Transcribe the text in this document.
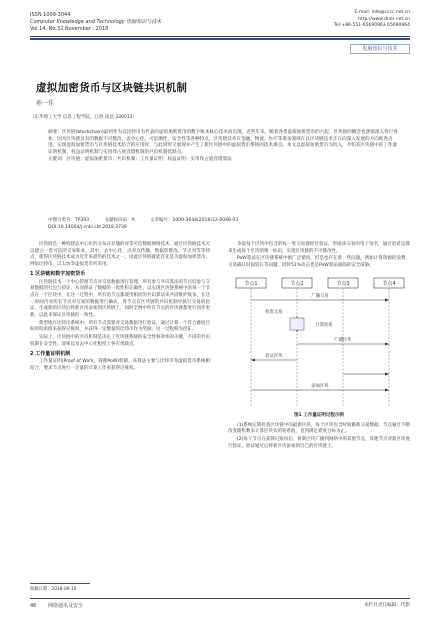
ISSN 1009-3044
Computer Knowledge and Technology 电脑知识与技术
Vol.14, No.32,November . 2018
E-mail: info@cccc.net.cn
http://www.dnzs.net.cn
Tel:+86-551-65690963 65690964
电脑知识与技术
虚拟加密货币与区块链共识机制
孙一佳
（东华理工大学 信息工程学院，江西 南昌 330013）

摘要：区块链(blockchain)最初作为以比特币为代表的虚拟加密货币的数字账本核心技术而出现。近些年来，随着各类虚拟加密货币的兴起，区块链的概念也逐渐深入各行各业。因为区块链具有的数据不可篡改，去中心化，可追溯性，安全性等各种特点，区块链技术在金融、物流、医疗等诸多领域在以区块链技术正在向深入发展的方向推进迈进。实现虚拟加密货币与区块链技术结合的应用时，与此同时又展现并产生了新区块链中的虚拟货币系统的技术难点。本文以虚拟加密货币为切入，介绍其区块链中的工作量证明机制，权益证明机制与实用拜占庭容错机制的共识机制优缺点。

关键词：区块链；虚拟加密货币；共识机制；工作量证明；权益证明；实用拜占庭容错算法

中图分类号：TP393	文献标识码：A	文章编号：1009-3044(2018)32-0046-03
DOI:10.14004/j.cnki.ckt.2018.3739

区块链是一种构建去中心化的分布式存储的对等可信数据网络技术，通过区块链技术可以建立一套可信的交易账本，其中，去中心化，点对点传输、数据防篡改、节点对等等特点，使得区块链技术成为近年来最热的技术之一，因此区块链就能首先是为虚拟加密货币，例如比特币，以太坊等虚拟货币所采用。

1 区块链和数字加密货币

区块链技术一个中心管理节点对交易数据进行管理，所有参与共识算法的节点均参与交易数据的打包与验证，从而保证了数据的一致性和正确性，以实现区块链系统中的每一个节点在一个区块中，在这一过程中，所有的节点都使用相同的共识算法来共同维护账本，在这一时间内对所有节点对交易的数据进行确认，各节点在区块链的共识机制中执行交易的验证，生成新的区块后将新区块添加到区块链上，同时全网中所有节点的区块链都进行同步更新，以此来保证区块链的一致性。

典型地在比特币系统中，所有节点需要对交易数据进行验证，通过计算一个符合难度目标的哈希值来获得记账权，并获得一定数量的比特币作为奖励，这一过程称为挖矿。

实际上，区块链中的共识机制是决定了区块链系统的安全性和效率的关键，不同的共识机制在安全性、效率以及去中心化程度上各有优缺点。

2 工作量证明机制

工作量证明(Proof of Work，简称PoW)机制，该算法主要与比特币等虚拟货币系统相结合，要求节点进行一定量的计算工作来获得记账权。

争取每个区块中包含的每一笔交易都经过验证，形成该交易的电子签名，通过哈希运算来生成每个区块的唯一标识，实现区块链的不可篡改性。

PoW算法在区块链系统中被广泛使用，但是也存在着一些问题，例如计算资源的浪费，交易确认时间较长等问题，同时51%攻击也是PoW算法面临的安全威胁。

节点1	节点2	节点3	节点4
广播交易
收集交易
计算哈希
广播区块
验证区块
添加区块
图1 工作量证明过程示例

(1)系统定期检查区块链中的最新区块，每个区块包含时间戳和交易数据，节点通过不断改变随机数来计算区块头的哈希值，直到满足难度目标为止。

(2)每个节点在获得记账权后，将新区块广播到网络中的其他节点，其他节点对新区块进行验证，验证通过后将新区块添加到自己的区块链上。

收稿日期：2018-09-10
46 网络通讯及安全	本栏目责任编辑：代影
